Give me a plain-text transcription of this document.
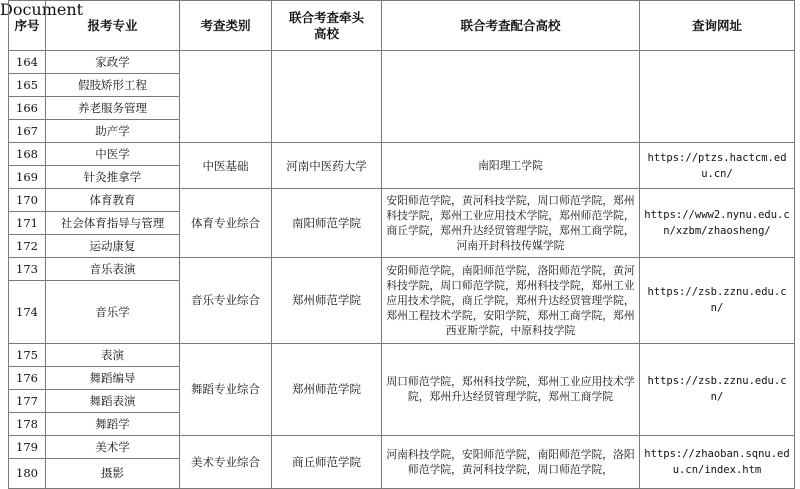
Document
序号	报考专业	考查类别	联合考查牵头高校	联合考查配合高校	查询网址
164	家政学				
165	假肢矫形工程				
166	养老服务管理				
167	助产学				
168	中医学	中医基础	河南中医药大学	南阳理工学院	https://ptzs.hactcm.edu.cn/
169	针灸推拿学				
170	体育教育	体育专业综合	南阳师范学院	安阳师范学院，黄河科技学院，周口师范学院，郑州科技学院，郑州工业应用技术学院，郑州师范学院，商丘学院，郑州升达经贸管理学院，郑州工商学院，河南开封科技传媒学院	https://www2.nynu.edu.cn/xzbm/zhaosheng/
171	社会体育指导与管理				
172	运动康复				
173	音乐表演	音乐专业综合	郑州师范学院	安阳师范学院，南阳师范学院，洛阳师范学院，黄河科技学院，周口师范学院，郑州科技学院，郑州工业应用技术学院，商丘学院，郑州升达经贸管理学院，郑州工程技术学院，安阳学院，郑州工商学院，郑州西亚斯学院，中原科技学院	https://zsb.zznu.edu.cn/
174	音乐学				
175	表演	舞蹈专业综合	郑州师范学院	周口师范学院，郑州科技学院，郑州工业应用技术学院，郑州升达经贸管理学院，郑州工商学院	https://zsb.zznu.edu.cn/
176	舞蹈编导				
177	舞蹈表演				
178	舞蹈学				
179	美术学	美术专业综合	商丘师范学院	河南科技学院，安阳师范学院，南阳师范学院，洛阳师范学院，黄河科技学院，周口师范学院，	https://zhaoban.sqnu.edu.cn/index.htm
180	摄影				
